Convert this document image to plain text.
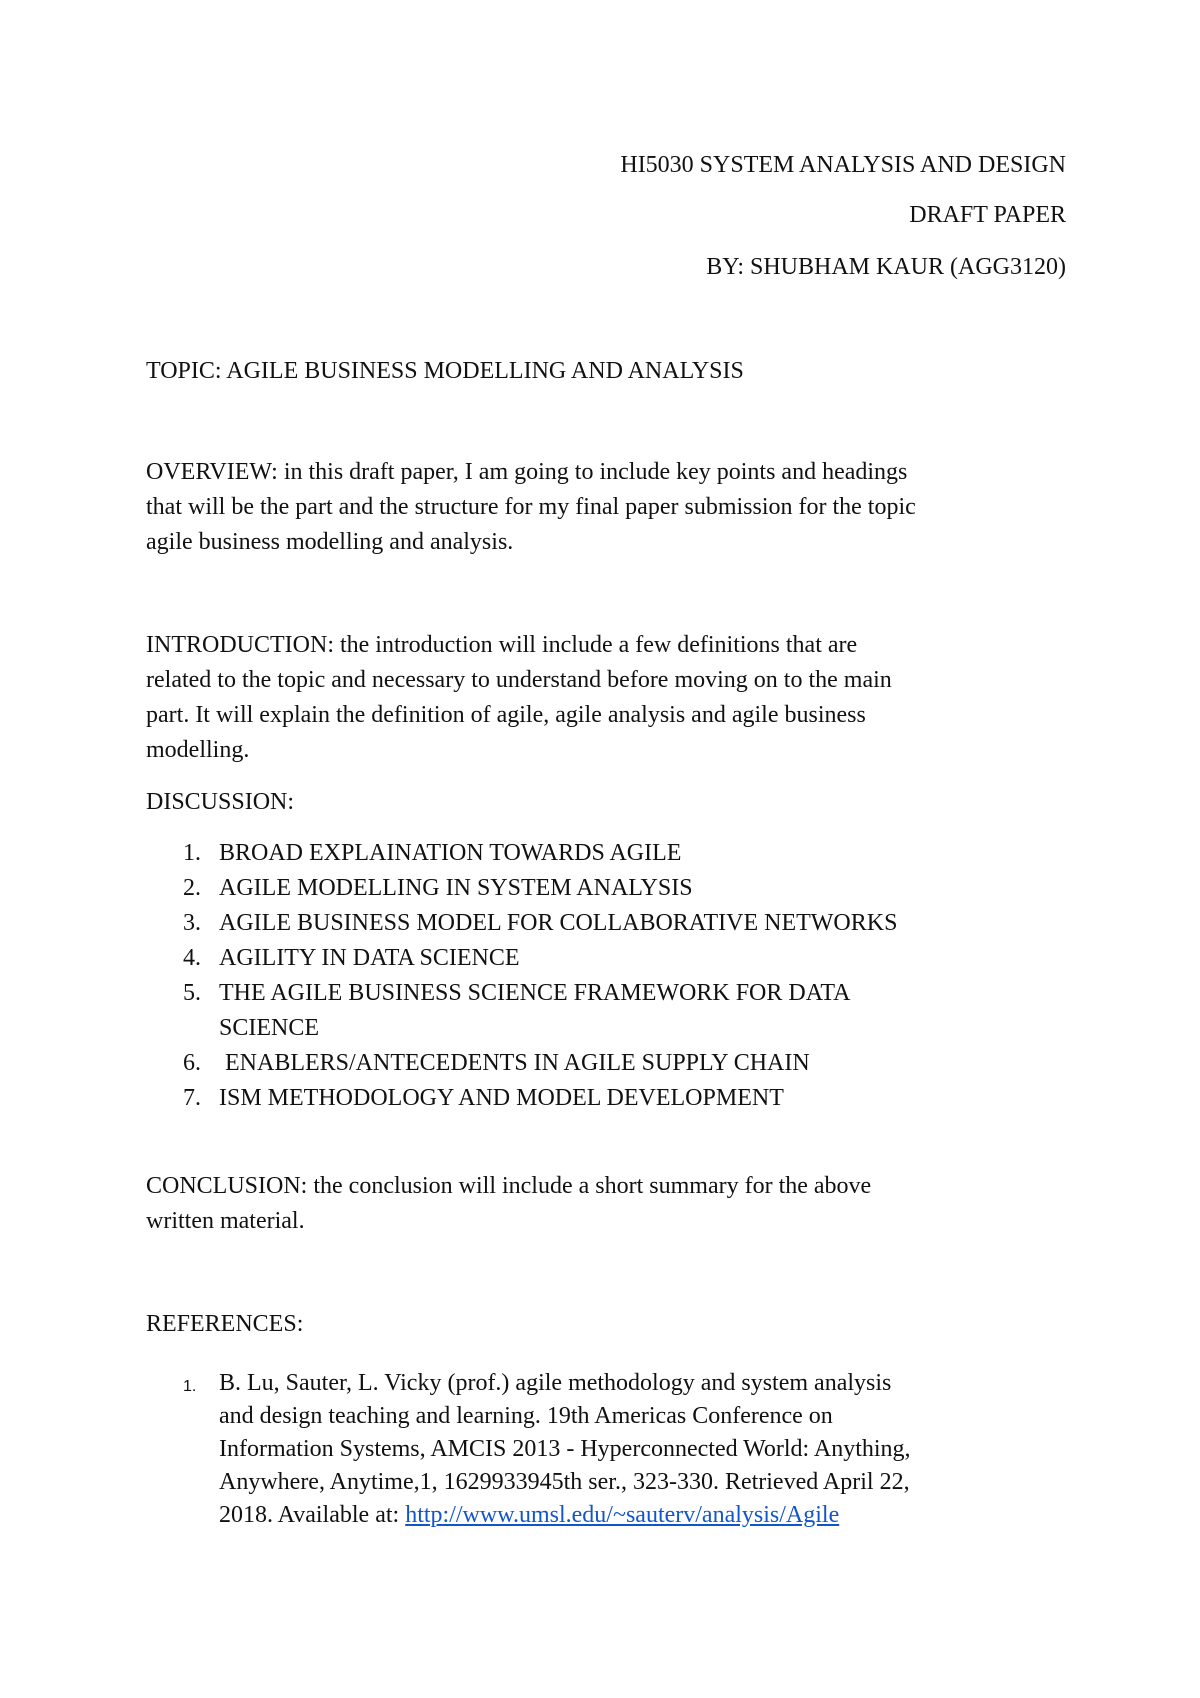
HI5030 SYSTEM ANALYSIS AND DESIGN
DRAFT PAPER
BY: SHUBHAM KAUR (AGG3120)
TOPIC: AGILE BUSINESS MODELLING AND ANALYSIS
OVERVIEW: in this draft paper, I am going to include key points and headings
that will be the part and the structure for my final paper submission for the topic
agile business modelling and analysis.
INTRODUCTION: the introduction will include a few definitions that are
related to the topic and necessary to understand before moving on to the main
part. It will explain the definition of agile, agile analysis and agile business
modelling.
DISCUSSION:
1. BROAD EXPLAINATION TOWARDS AGILE
2. AGILE MODELLING IN SYSTEM ANALYSIS
3. AGILE BUSINESS MODEL FOR COLLABORATIVE NETWORKS
4. AGILITY IN DATA SCIENCE
5. THE AGILE BUSINESS SCIENCE FRAMEWORK FOR DATA
SCIENCE
6. ENABLERS/ANTECEDENTS IN AGILE SUPPLY CHAIN
7. ISM METHODOLOGY AND MODEL DEVELOPMENT
CONCLUSION: the conclusion will include a short summary for the above
written material.
REFERENCES:
1. B. Lu, Sauter, L. Vicky (prof.) agile methodology and system analysis
and design teaching and learning. 19th Americas Conference on
Information Systems, AMCIS 2013 - Hyperconnected World: Anything,
Anywhere, Anytime,1, 1629933945th ser., 323-330. Retrieved April 22,
2018. Available at: http://www.umsl.edu/~sauterv/analysis/Agile
